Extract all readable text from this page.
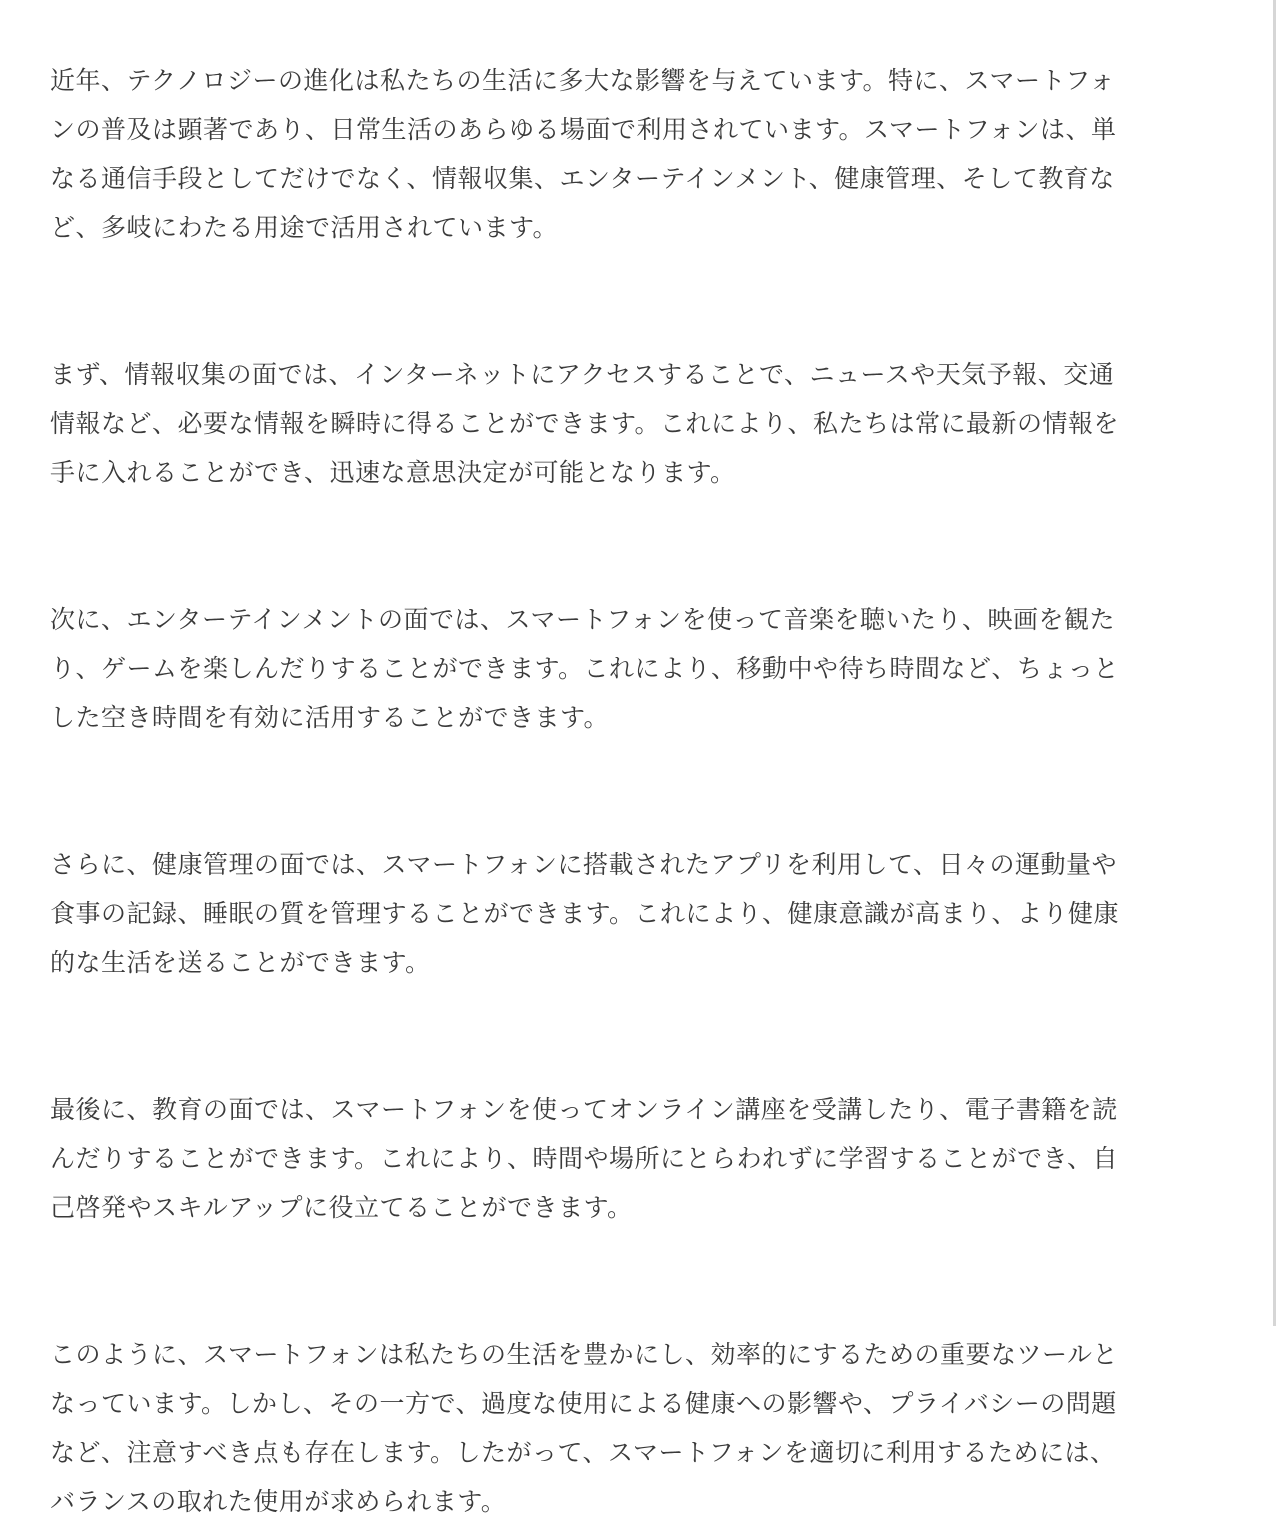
近年、テクノロジーの進化は私たちの生活に多大な影響を与えています。特に、スマートフォ
ンの普及は顕著であり、日常生活のあらゆる場面で利用されています。スマートフォンは、単
なる通信手段としてだけでなく、情報収集、エンターテインメント、健康管理、そして教育な
ど、多岐にわたる用途で活用されています。

まず、情報収集の面では、インターネットにアクセスすることで、ニュースや天気予報、交通
情報など、必要な情報を瞬時に得ることができます。これにより、私たちは常に最新の情報を
手に入れることができ、迅速な意思決定が可能となります。

次に、エンターテインメントの面では、スマートフォンを使って音楽を聴いたり、映画を観た
り、ゲームを楽しんだりすることができます。これにより、移動中や待ち時間など、ちょっと
した空き時間を有効に活用することができます。

さらに、健康管理の面では、スマートフォンに搭載されたアプリを利用して、日々の運動量や
食事の記録、睡眠の質を管理することができます。これにより、健康意識が高まり、より健康
的な生活を送ることができます。

最後に、教育の面では、スマートフォンを使ってオンライン講座を受講したり、電子書籍を読
んだりすることができます。これにより、時間や場所にとらわれずに学習することができ、自
己啓発やスキルアップに役立てることができます。

このように、スマートフォンは私たちの生活を豊かにし、効率的にするための重要なツールと
なっています。しかし、その一方で、過度な使用による健康への影響や、プライバシーの問題
など、注意すべき点も存在します。したがって、スマートフォンを適切に利用するためには、
バランスの取れた使用が求められます。
